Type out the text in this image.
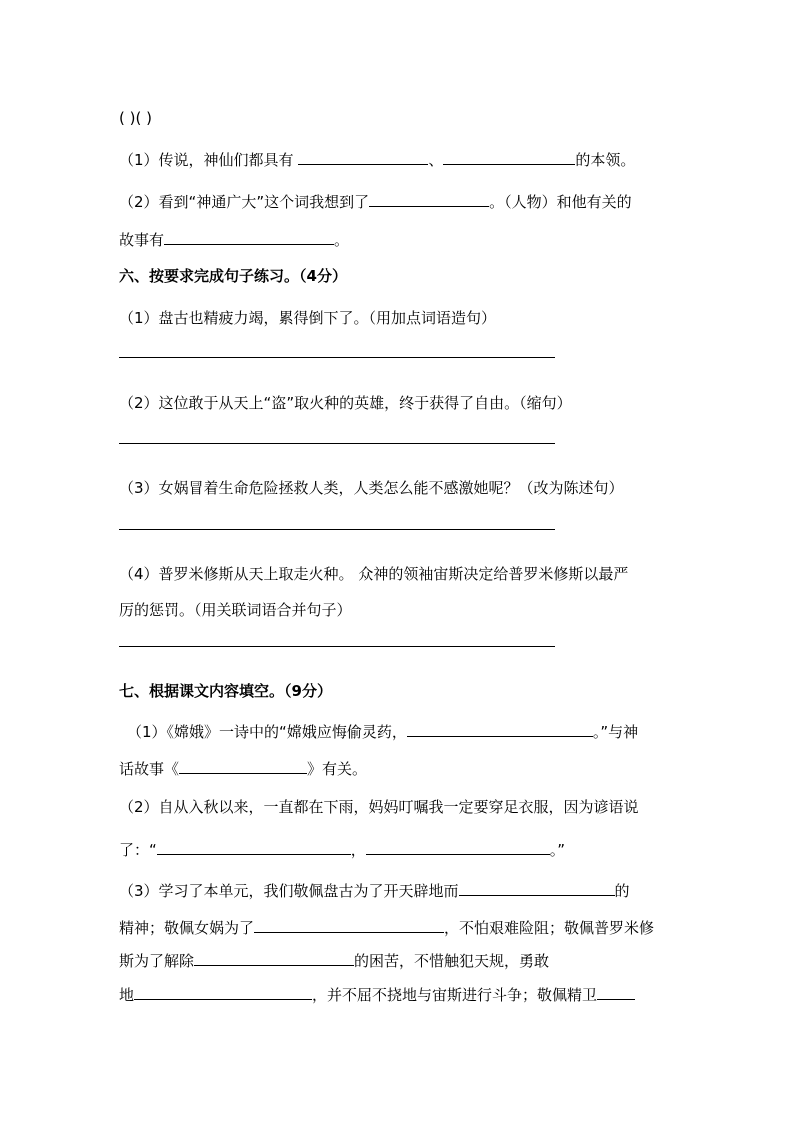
( )( )
（1）传说，神仙们都具有	、	的本领。
（2）看到“神通广大”这个词我想到了	。（人物）和他有关的
故事有	。
六、按要求完成句子练习。（4分）
（1）盘古也精疲力竭，累得倒下了。（用加点词语造句）
（2）这位敢于从天上“盗”取火种的英雄，终于获得了自由。（缩句）
（3）女娲冒着生命危险拯救人类，人类怎么能不感激她呢？（改为陈述句）
（4）普罗米修斯从天上取走火种。 众神的领袖宙斯决定给普罗米修斯以最严
厉的惩罚。（用关联词语合并句子）
七、根据课文内容填空。（9分）
（1）《嫦娥》一诗中的“嫦娥应悔偷灵药，	。”与神
话故事《	》有关。
（2）自从入秋以来，一直都在下雨，妈妈叮嘱我一定要穿足衣服，因为谚语说
了：“	，	。”
（3）学习了本单元，我们敬佩盘古为了开天辟地而	的
精神；敬佩女娲为了	，不怕艰难险阻；敬佩普罗米修
斯为了解除	的困苦，不惜触犯天规，勇敢
地	，并不屈不挠地与宙斯进行斗争；敬佩精卫
